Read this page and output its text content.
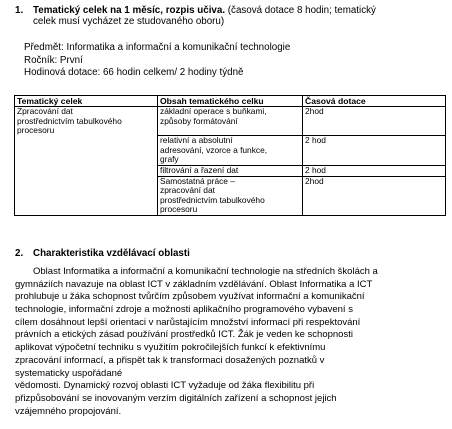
1. Tematický celek na 1 měsíc, rozpis učiva. (časová dotace 8 hodin; tematický
celek musí vycházet ze studovaného oboru)
Předmět: Informatika a informační a komunikační technologie
Ročník: První
Hodinová dotace: 66 hodin celkem/ 2 hodiny týdně
Tematický celek	Obsah tematického celku	Časová dotace
Zpracování dat
prostřednictvím tabulkového
procesoru	základní operace s buňkami,
způsoby formátování	2hod
	relativní a absolutní
adresování, vzorce a funkce,
grafy	2 hod
	filtrování a řazení dat	2 hod
	Samostatná práce –
zpracování dat
prostřednictvím tabulkového
procesoru	2hod
2. Charakteristika vzdělávací oblasti
Oblast Informatika a informační a komunikační technologie na středních školách a
gymnáziích navazuje na oblast ICT v základním vzdělávání. Oblast Informatika a ICT
prohlubuje u žáka schopnost tvůrčím způsobem využívat informační a komunikační
technologie, informační zdroje a možnosti aplikačního programového vybavení s
cílem dosáhnout lepší orientaci v narůstajícím množství informací při respektování
právních a etických zásad používání prostředků ICT. Žák je veden ke schopnosti
aplikovat výpočetní techniku s využitím pokročilejších funkcí k efektivnímu
zpracování informací, a přispět tak k transformaci dosažených poznatků v
systematicky uspořádané
vědomosti. Dynamický rozvoj oblasti ICT vyžaduje od žáka flexibilitu při
přizpůsobování se inovovaným verzím digitálních zařízení a schopnost jejich
vzájemného propojování.
